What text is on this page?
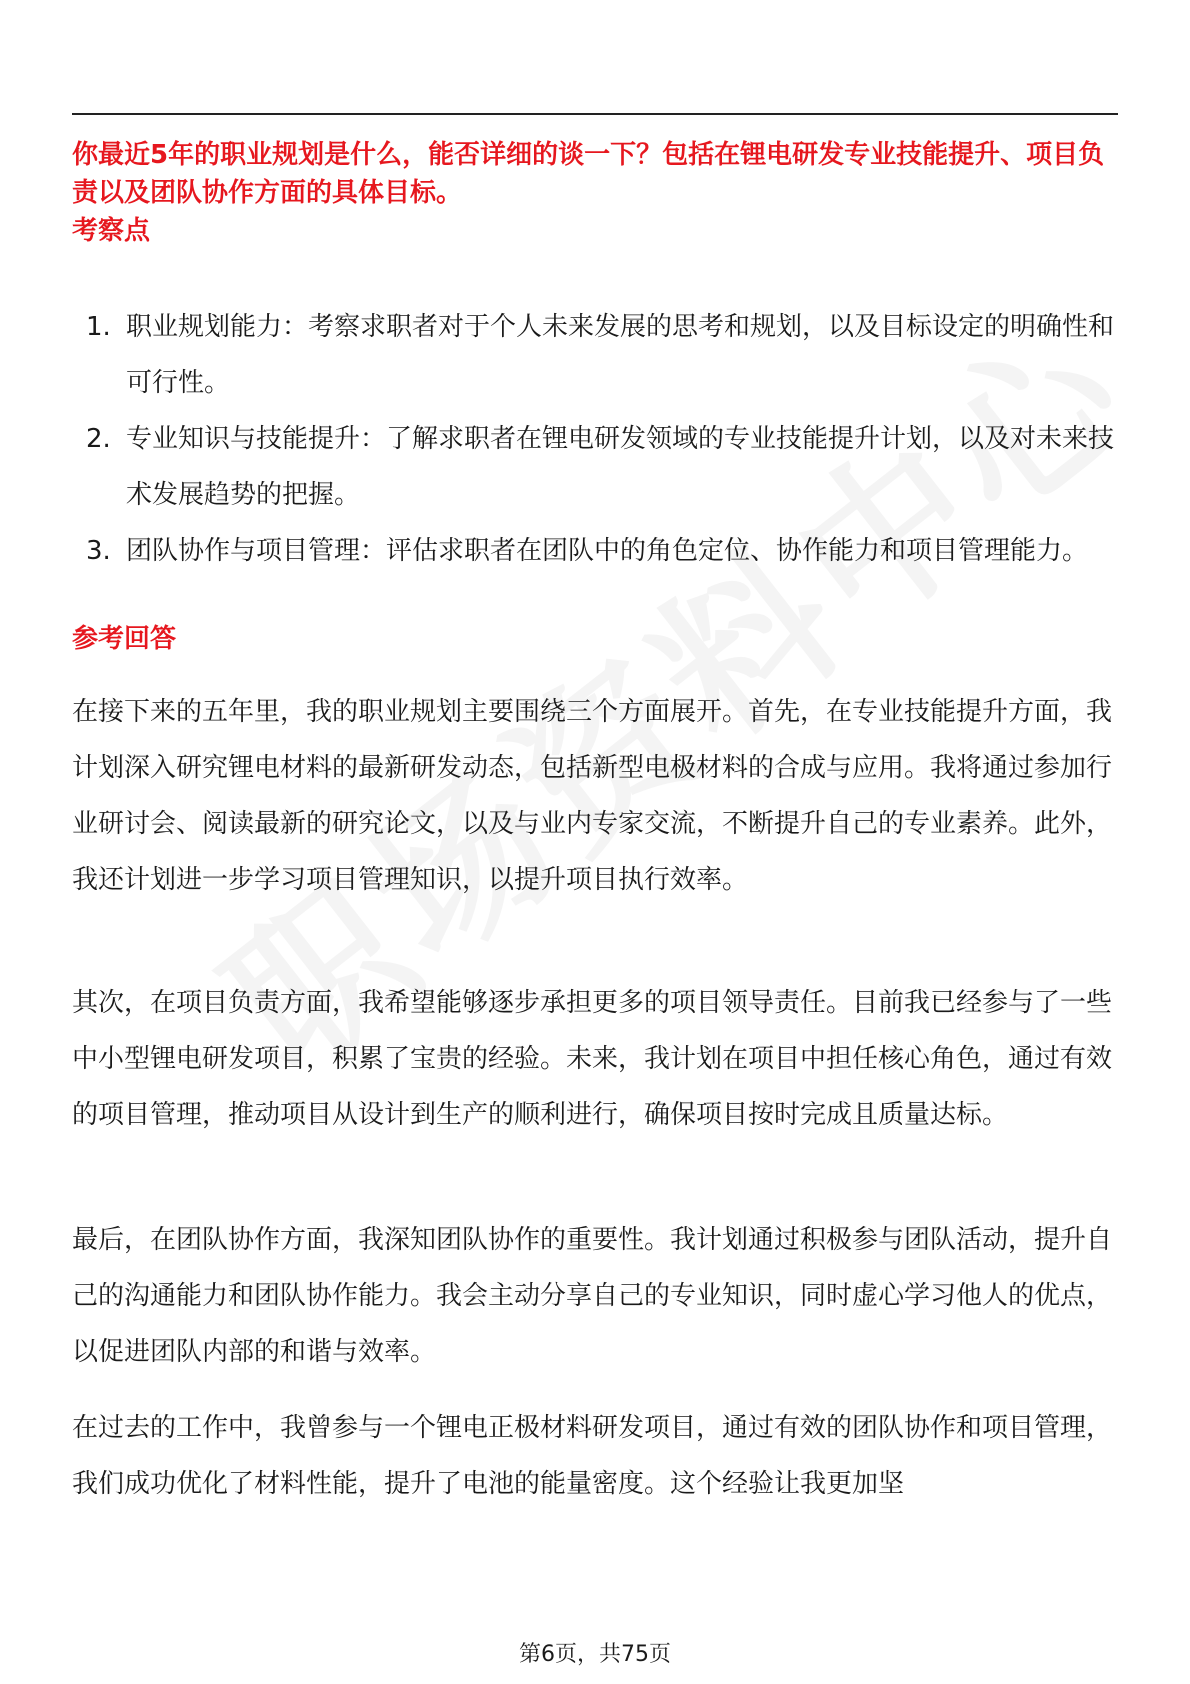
你最近5年的职业规划是什么，能否详细的谈一下？包括在锂电研发专业技能提升、项目负责以及团队协作方面的具体目标。
考察点
1. 职业规划能力：考察求职者对于个人未来发展的思考和规划，以及目标设定的明确性和可行性。
2. 专业知识与技能提升：了解求职者在锂电研发领域的专业技能提升计划，以及对未来技术发展趋势的把握。
3. 团队协作与项目管理：评估求职者在团队中的角色定位、协作能力和项目管理能力。
参考回答

在接下来的五年里，我的职业规划主要围绕三个方面展开。首先，在专业技能提升方面，我计划深入研究锂电材料的最新研发动态，包括新型电极材料的合成与应用。我将通过参加行业研讨会、阅读最新的研究论文，以及与业内专家交流，不断提升自己的专业素养。此外，我还计划进一步学习项目管理知识，以提升项目执行效率。

其次，在项目负责方面，我希望能够逐步承担更多的项目领导责任。目前我已经参与了一些中小型锂电研发项目，积累了宝贵的经验。未来，我计划在项目中担任核心角色，通过有效的项目管理，推动项目从设计到生产的顺利进行，确保项目按时完成且质量达标。

最后，在团队协作方面，我深知团队协作的重要性。我计划通过积极参与团队活动，提升自己的沟通能力和团队协作能力。我会主动分享自己的专业知识，同时虚心学习他人的优点，以促进团队内部的和谐与效率。

在过去的工作中，我曾参与一个锂电正极材料研发项目，通过有效的团队协作和项目管理，我们成功优化了材料性能，提升了电池的能量密度。这个经验让我更加坚

第6页，共75页
